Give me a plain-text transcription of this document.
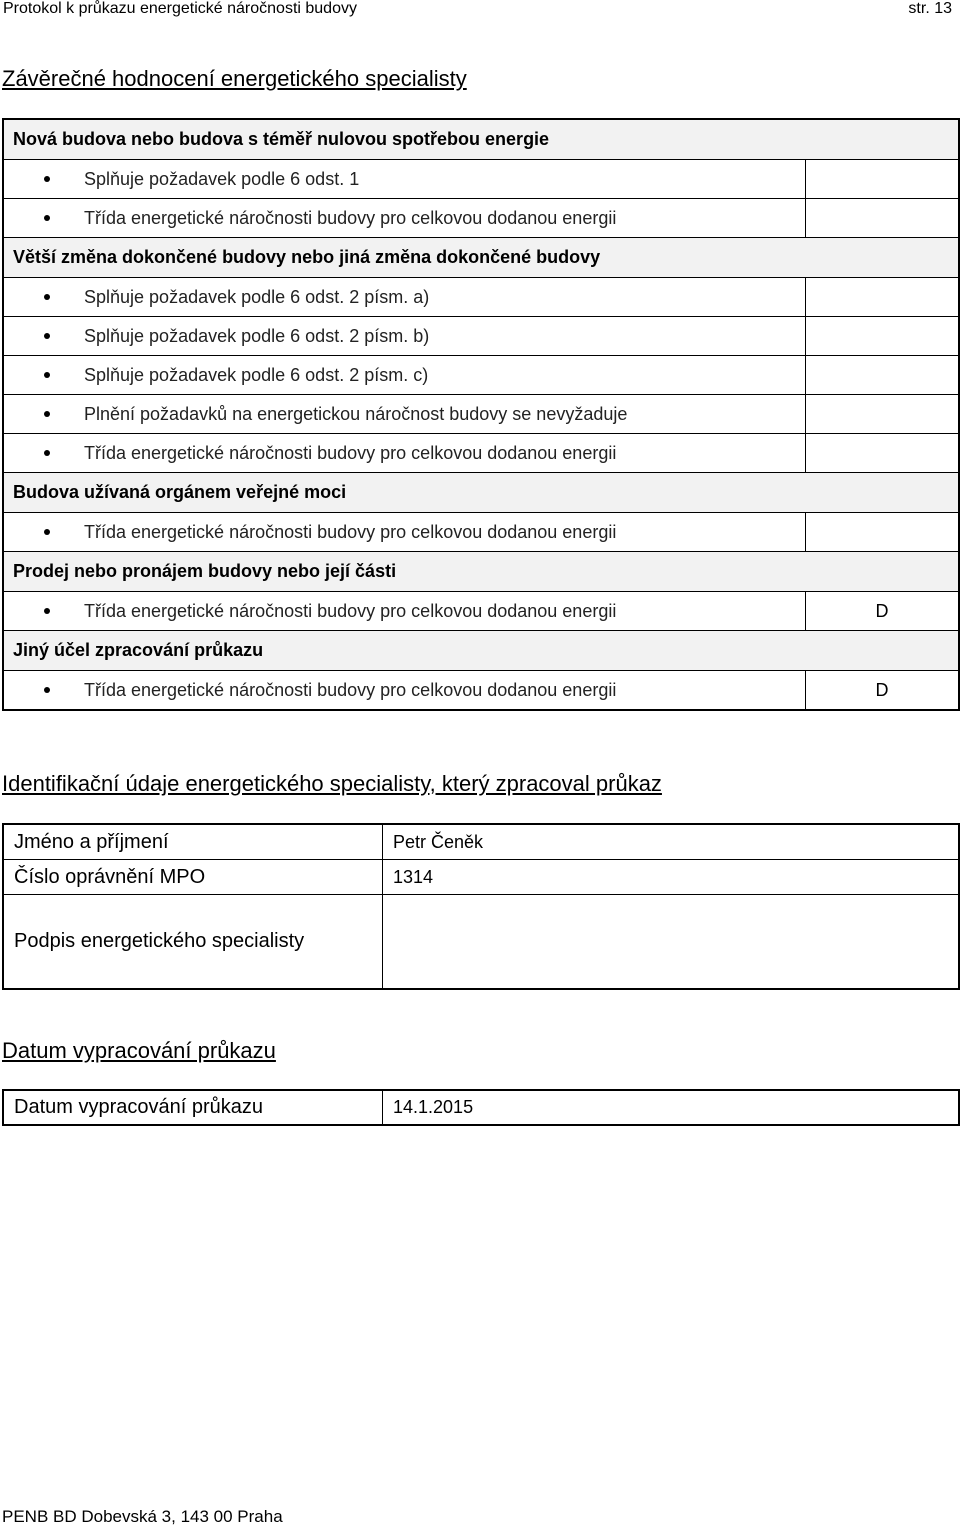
Protokol k průkazu energetické náročnosti budovy	str. 13
Závěrečné hodnocení energetického specialisty
Nová budova nebo budova s téměř nulovou spotřebou energie	
Splňuje požadavek podle 6 odst. 1	
Třída energetické náročnosti budovy pro celkovou dodanou energii	
Větší změna dokončené budovy nebo jiná změna dokončené budovy	
Splňuje požadavek podle 6 odst. 2 písm. a)	
Splňuje požadavek podle 6 odst. 2 písm. b)	
Splňuje požadavek podle 6 odst. 2 písm. c)	
Plnění požadavků na energetickou náročnost budovy se nevyžaduje	
Třída energetické náročnosti budovy pro celkovou dodanou energii	
Budova užívaná orgánem veřejné moci	
Třída energetické náročnosti budovy pro celkovou dodanou energii	
Prodej nebo pronájem budovy nebo její části	
Třída energetické náročnosti budovy pro celkovou dodanou energii	D
Jiný účel zpracování průkazu	
Třída energetické náročnosti budovy pro celkovou dodanou energii	D
Identifikační údaje energetického specialisty, který zpracoval průkaz
Jméno a příjmení	Petr Čeněk
Číslo oprávnění MPO	1314
Podpis energetického specialisty	
Datum vypracování průkazu
Datum vypracování průkazu	14.1.2015
PENB BD Dobevská 3, 143 00 Praha
